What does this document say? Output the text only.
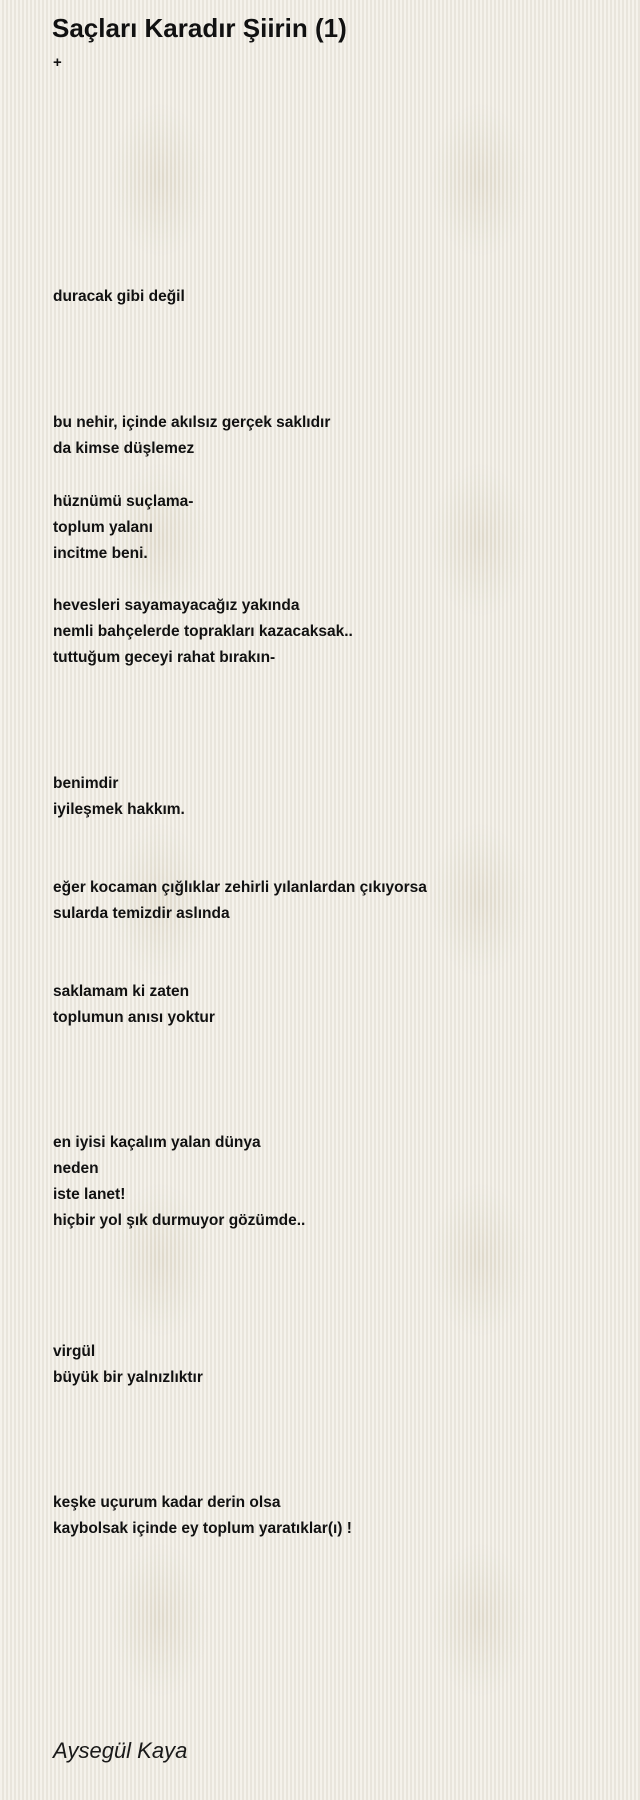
Saçları Karadır Şiirin (1)
+
duracak gibi değil
bu nehir, içinde akılsız gerçek saklıdır
da kimse düşlemez
hüznümü suçlama-
toplum yalanı
incitme beni.
hevesleri sayamayacağız yakında
nemli bahçelerde toprakları kazacaksak..
tuttuğum geceyi rahat bırakın-
benimdir
iyileşmek hakkım.
eğer kocaman çığlıklar zehirli yılanlardan çıkıyorsa
sularda temizdir aslında
saklamam ki zaten
toplumun anısı yoktur
en iyisi kaçalım yalan dünya
neden
iste lanet!
hiçbir yol şık durmuyor gözümde..
virgül
büyük bir yalnızlıktır
keşke uçurum kadar derin olsa
kaybolsak içinde ey toplum yaratıklar(ı) !

Aysegül Kaya
